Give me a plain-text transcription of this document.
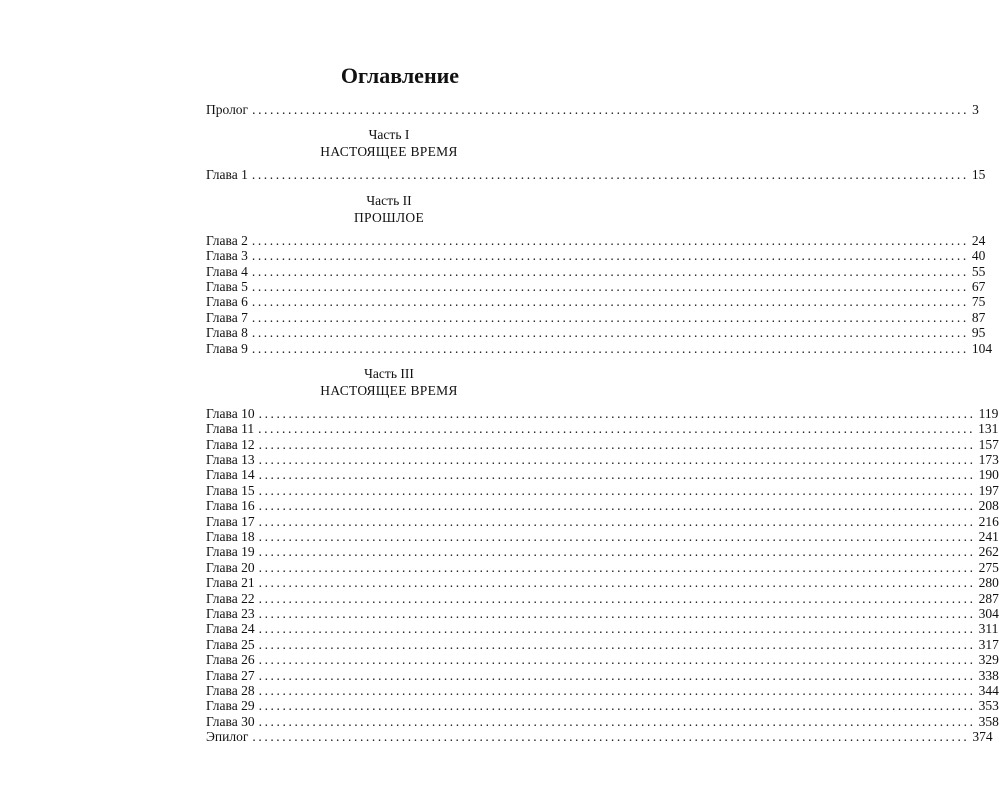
Оглавление
Пролог ........................................................................................................................ 3
Часть I
НАСТОЯЩЕЕ ВРЕМЯ
Глава 1 ........................................................................................................................ 15
Часть II
ПРОШЛОЕ
Глава 2 ........................................................................................................................ 24
Глава 3 ........................................................................................................................ 40
Глава 4 ........................................................................................................................ 55
Глава 5 ........................................................................................................................ 67
Глава 6 ........................................................................................................................ 75
Глава 7 ........................................................................................................................ 87
Глава 8 ........................................................................................................................ 95
Глава 9 ........................................................................................................................ 104
Часть III
НАСТОЯЩЕЕ ВРЕМЯ
Глава 10 ........................................................................................................................ 119
Глава 11 ........................................................................................................................ 131
Глава 12 ........................................................................................................................ 157
Глава 13 ........................................................................................................................ 173
Глава 14 ........................................................................................................................ 190
Глава 15 ........................................................................................................................ 197
Глава 16 ........................................................................................................................ 208
Глава 17 ........................................................................................................................ 216
Глава 18 ........................................................................................................................ 241
Глава 19 ........................................................................................................................ 262
Глава 20 ........................................................................................................................ 275
Глава 21 ........................................................................................................................ 280
Глава 22 ........................................................................................................................ 287
Глава 23 ........................................................................................................................ 304
Глава 24 ........................................................................................................................ 311
Глава 25 ........................................................................................................................ 317
Глава 26 ........................................................................................................................ 329
Глава 27 ........................................................................................................................ 338
Глава 28 ........................................................................................................................ 344
Глава 29 ........................................................................................................................ 353
Глава 30 ........................................................................................................................ 358
Эпилог ........................................................................................................................ 374
